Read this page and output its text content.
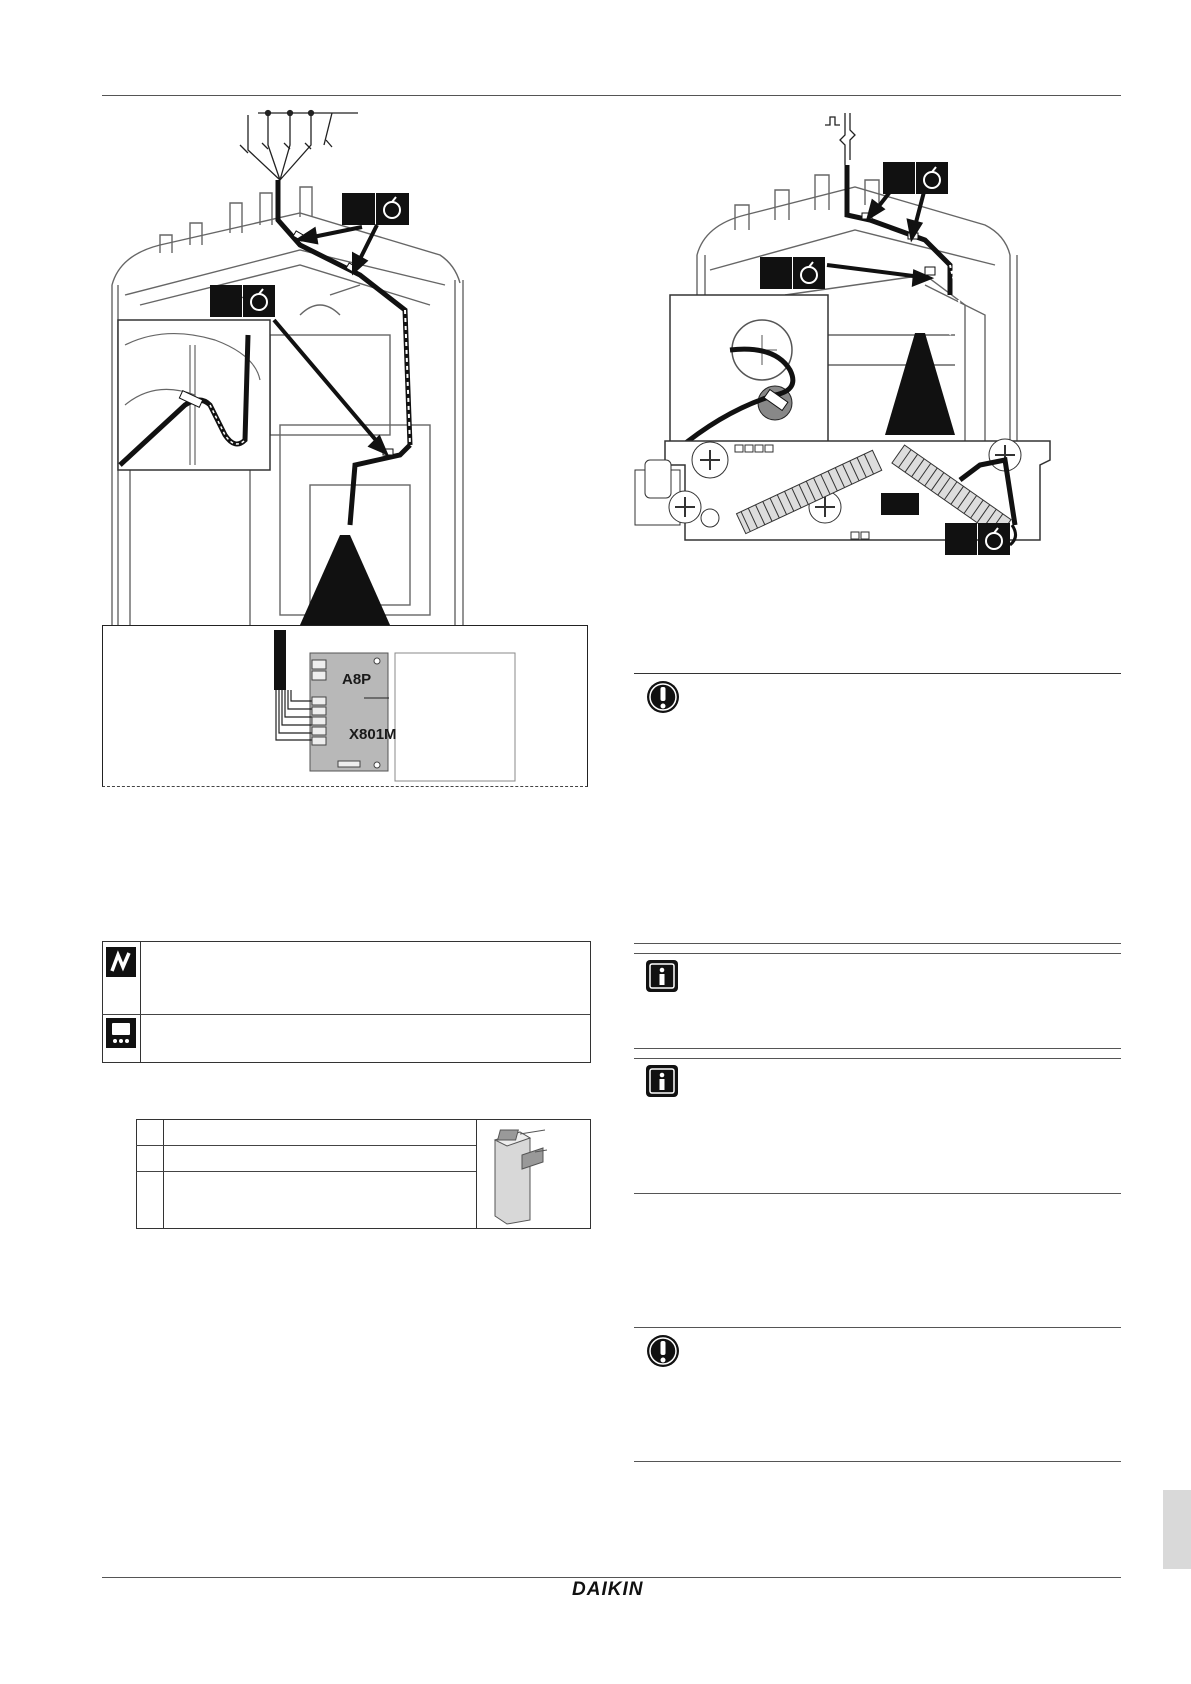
A8P
X801M
DAIKIN
